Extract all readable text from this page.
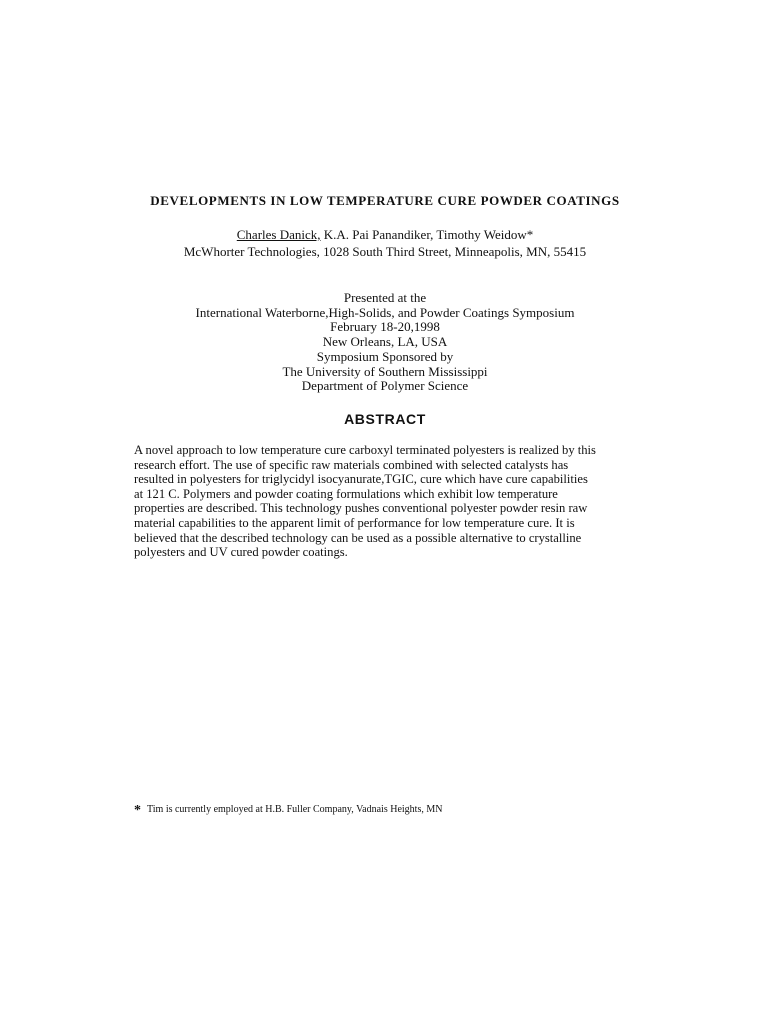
DEVELOPMENTS IN LOW TEMPERATURE CURE POWDER COATINGS
Charles Danick, K.A. Pai Panandiker, Timothy Weidow*
McWhorter Technologies, 1028 South Third Street, Minneapolis, MN, 55415
Presented at the
International Waterborne,High-Solids, and Powder Coatings Symposium
February 18-20,1998
New Orleans, LA, USA
Symposium Sponsored by
The University of Southern Mississippi
Department of Polymer Science
ABSTRACT
A novel approach to low temperature cure carboxyl terminated polyesters is realized by this
research effort. The use of specific raw materials combined with selected catalysts has
resulted in polyesters for triglycidyl isocyanurate,TGIC, cure which have cure capabilities
at 121 C. Polymers and powder coating formulations which exhibit low temperature
properties are described. This technology pushes conventional polyester powder resin raw
material capabilities to the apparent limit of performance for low temperature cure. It is
believed that the described technology can be used as a possible alternative to crystalline
polyesters and UV cured powder coatings.
* Tim is currently employed at H.B. Fuller Company, Vadnais Heights, MN
